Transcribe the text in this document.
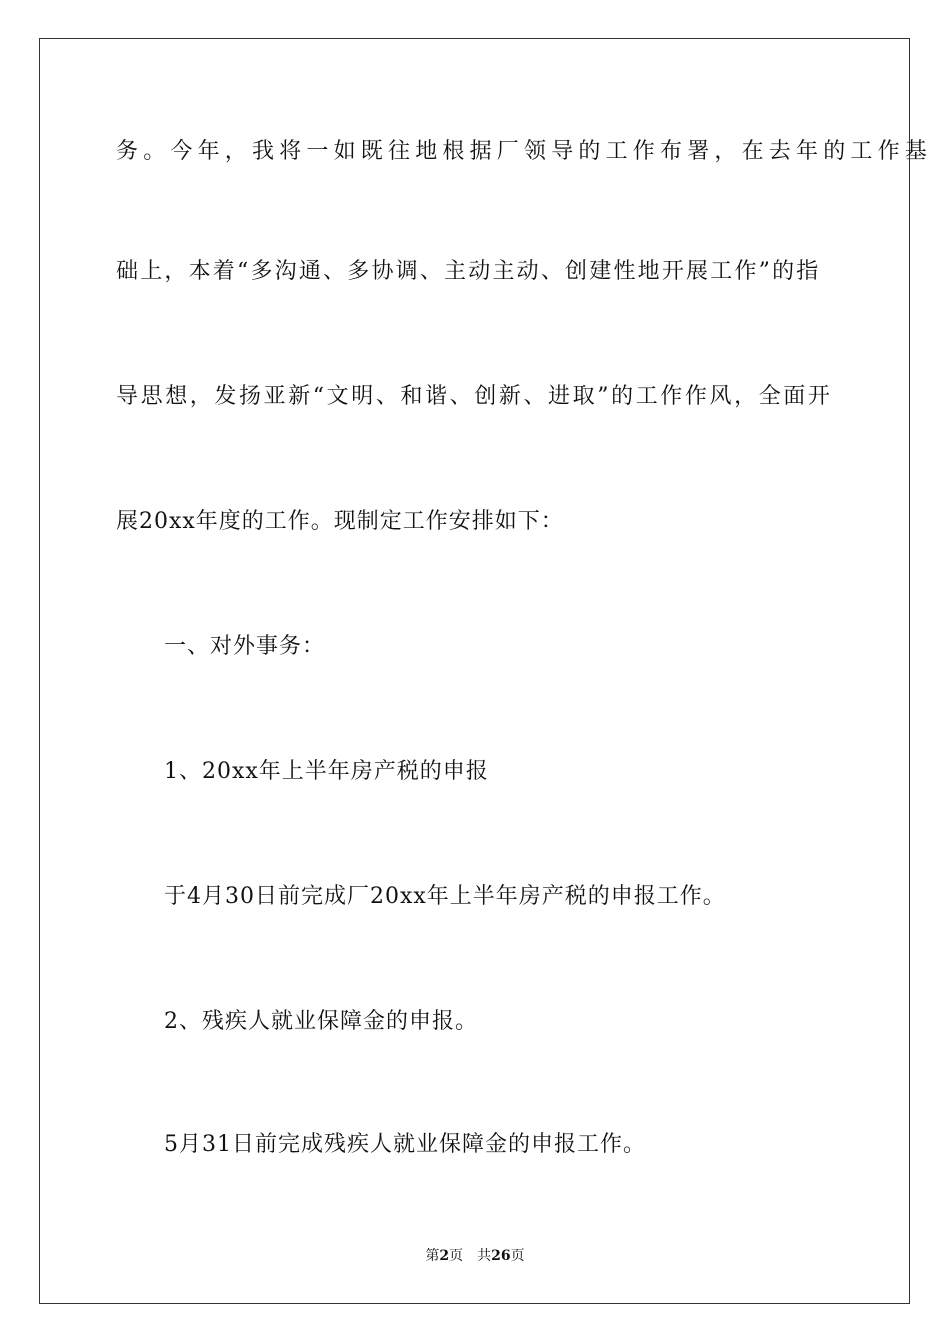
务。今年，我将一如既往地根据厂领导的工作布署，在去年的工作基
础上，本着“多沟通、多协调、主动主动、创建性地开展工作”的指
导思想，发扬亚新“文明、和谐、创新、进取”的工作作风，全面开
展20xx年度的工作。现制定工作安排如下：
一、对外事务：
1、20xx年上半年房产税的申报
于4月30日前完成厂20xx年上半年房产税的申报工作。
2、残疾人就业保障金的申报。
5月31日前完成残疾人就业保障金的申报工作。
第2页 共26页
